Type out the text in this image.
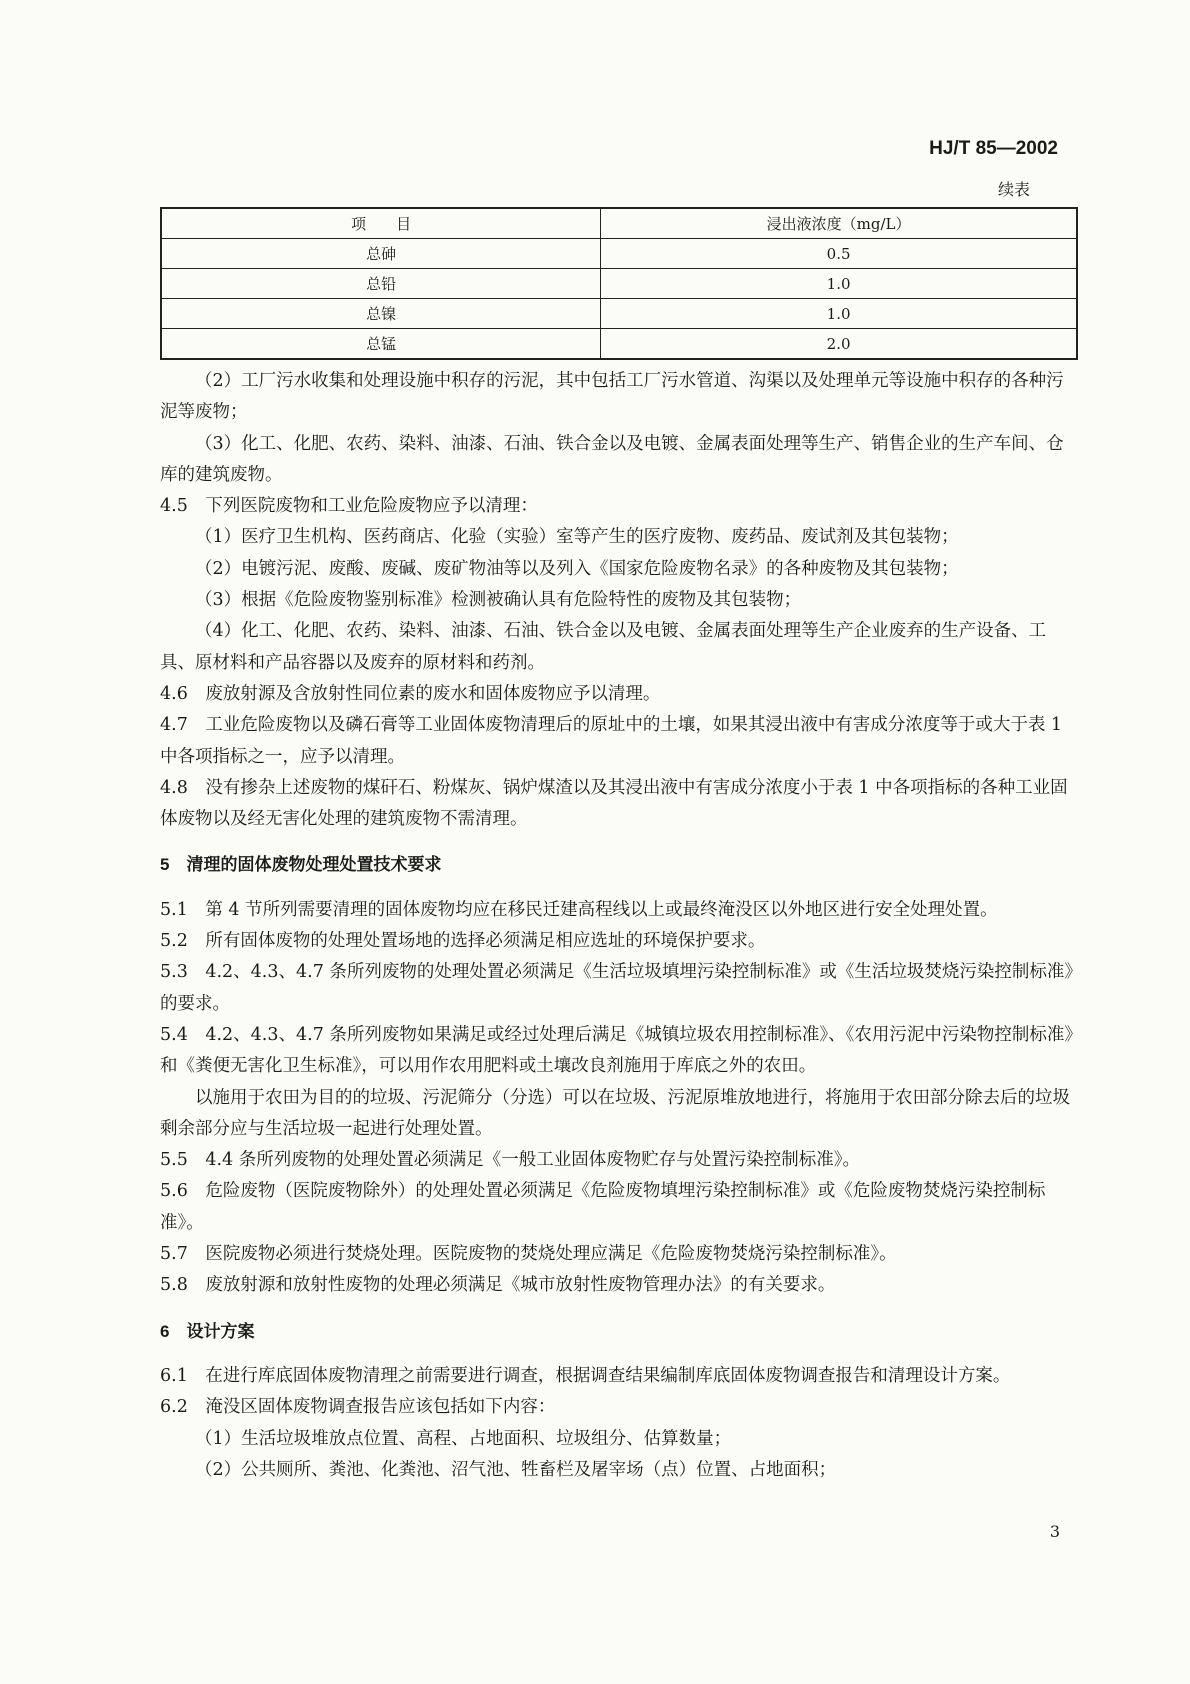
HJ/T 85—2002
续表
项　　目	浸出液浓度（mg/L）
总砷	0.5
总铅	1.0
总镍	1.0
总锰	2.0

（2）工厂污水收集和处理设施中积存的污泥，其中包括工厂污水管道、沟渠以及处理单元等设施中积存的各种污泥等废物；

（3）化工、化肥、农药、染料、油漆、石油、铁合金以及电镀、金属表面处理等生产、销售企业的生产车间、仓库的建筑废物。

4.5　下列医院废物和工业危险废物应予以清理：

（1）医疗卫生机构、医药商店、化验（实验）室等产生的医疗废物、废药品、废试剂及其包装物；

（2）电镀污泥、废酸、废碱、废矿物油等以及列入《国家危险废物名录》的各种废物及其包装物；

（3）根据《危险废物鉴别标准》检测被确认具有危险特性的废物及其包装物；

（4）化工、化肥、农药、染料、油漆、石油、铁合金以及电镀、金属表面处理等生产企业废弃的生产设备、工具、原材料和产品容器以及废弃的原材料和药剂。

4.6　废放射源及含放射性同位素的废水和固体废物应予以清理。

4.7　工业危险废物以及磷石膏等工业固体废物清理后的原址中的土壤，如果其浸出液中有害成分浓度等于或大于表 1 中各项指标之一，应予以清理。

4.8　没有掺杂上述废物的煤矸石、粉煤灰、锅炉煤渣以及其浸出液中有害成分浓度小于表 1 中各项指标的各种工业固体废物以及经无害化处理的建筑废物不需清理。

5　清理的固体废物处理处置技术要求

5.1　第 4 节所列需要清理的固体废物均应在移民迁建高程线以上或最终淹没区以外地区进行安全处理处置。

5.2　所有固体废物的处理处置场地的选择必须满足相应选址的环境保护要求。

5.3　4.2、4.3、4.7 条所列废物的处理处置必须满足《生活垃圾填埋污染控制标准》或《生活垃圾焚烧污染控制标准》的要求。

5.4　4.2、4.3、4.7 条所列废物如果满足或经过处理后满足《城镇垃圾农用控制标准》、《农用污泥中污染物控制标准》和《粪便无害化卫生标准》，可以用作农用肥料或土壤改良剂施用于库底之外的农田。

以施用于农田为目的的垃圾、污泥筛分（分选）可以在垃圾、污泥原堆放地进行，将施用于农田部分除去后的垃圾剩余部分应与生活垃圾一起进行处理处置。

5.5　4.4 条所列废物的处理处置必须满足《一般工业固体废物贮存与处置污染控制标准》。

5.6　危险废物（医院废物除外）的处理处置必须满足《危险废物填埋污染控制标准》或《危险废物焚烧污染控制标准》。

5.7　医院废物必须进行焚烧处理。医院废物的焚烧处理应满足《危险废物焚烧污染控制标准》。

5.8　废放射源和放射性废物的处理必须满足《城市放射性废物管理办法》的有关要求。

6　设计方案

6.1　在进行库底固体废物清理之前需要进行调查，根据调查结果编制库底固体废物调查报告和清理设计方案。

6.2　淹没区固体废物调查报告应该包括如下内容：

（1）生活垃圾堆放点位置、高程、占地面积、垃圾组分、估算数量；

（2）公共厕所、粪池、化粪池、沼气池、牲畜栏及屠宰场（点）位置、占地面积；

3
